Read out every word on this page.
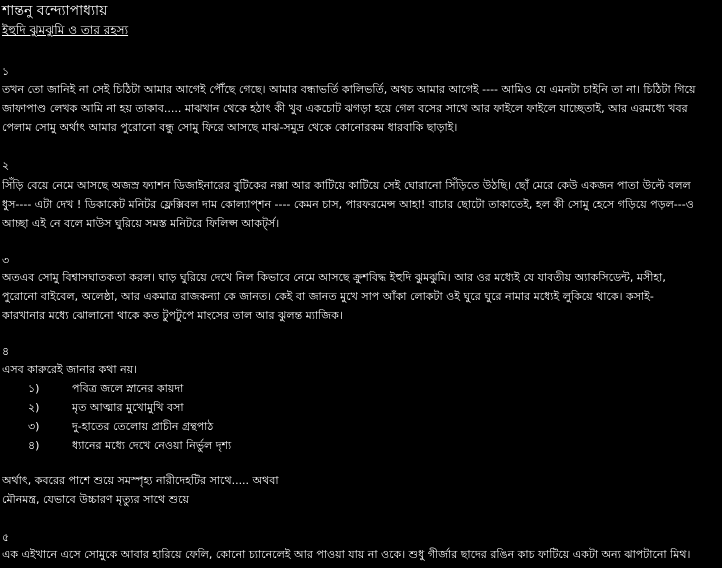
শান্তনু বন্দ্যোপাধ্যায়
ইহুদি ঝুমঝুমি ও তার রহস্য
১
তখন তো জানিই না সেই চিঠিটা আমার আগেই পৌঁছে গেছে। আমার বন্ধাভর্তি কালিভর্তি, অথচ আমার আগেই ---- আমিও যে এমনটা চাইনি তা না। চিঠিটা গিয়ে
জাফাপাণ্ড লেখক আমি না হয় তাকাব..... মাঝখান থেকে হঠাৎ কী খুব একচোট ঝগড়া হয়ে গেল বসের সাথে আর ফাইলে ফাইলে যাচ্ছেতাই, আর এরমধ্যে খবর
পেলাম সোমু অর্থাৎ আমার পুরোনো বন্ধু সোমু ফিরে আসছে মাঝ-সমুদ্র থেকে কোনোরকম ধারবাকি ছাড়াই।
২
সিঁড়ি বেয়ে নেমে আসছে অজস্র ফ্যাশন ডিজাইনারের বুটিকের নক্সা আর কাটিয়ে কাটিয়ে সেই ঘোরানো সিঁড়িতে উঠছি। ছোঁ মেরে কেউ একজন পাতা উল্টে বলল
ধুস---- এটা দেখ ! ডিকাকেট মনিটর ফ্লেক্সিবল দাম কোল্যাপ্শন ---- কেমন চাস, পারফরমেন্স আহা! বাচার ছোটো তাকাতেই, হল কী সোমু হেসে গড়িয়ে পড়ল---ও
আচ্ছা এই নে বলে মাউস ঘুরিয়ে সমস্ত মনিটরে ফিলিপ্স আকর্ট্স।
৩
অতএব সোমু বিশ্বাসঘাতকতা করল। ঘাড় ঘুরিয়ে দেখে নিল কিভাবে নেমে আসছে ক্রুশবিদ্ধ ইহুদি ঝুমঝুমি। আর ওর মধ্যেই যে যাবতীয় অ্যাকসিডেন্ট, মসীহা,
পুরোনো বাইবেল, অলেষ্ঠা, আর একমাত্র রাজকন্যা কে জানত। কেই বা জানত মুখে সাপ আঁকা লোকটা ওই ঘুরে ঘুরে নামার মধ্যেই লুকিয়ে থাকে। কসাই-
কারখানার মধ্যে ঝোলানো থাকে কত টুপটুপে মাংসের তাল আর ঝুলন্ত ম্যাজিক।
৪
এসব কারুরেই জানার কথা নয়।
১)	পবিত্র জলে স্নানের কায়দা
২)	মৃত আত্মার মুখোমুখি বসা
৩)	দু-হাতের তেলোয় প্রাচীন গ্রন্থপাঠ
৪)	ধ্যানের মধ্যে দেখে নেওয়া নির্ভুল দৃশ্য
অর্থাৎ, কবরের পাশে শুয়ে সমস্পৃহ্য নারীদেহটির সাথে..... অথবা
মৌনমন্ত্র, যেভাবে উচ্চারণ মৃত্যুর সাথে শুয়ে
৫
এক এইখানে এসে সোমুকে আবার হারিয়ে ফেলি, কোনো চ্যানেলেই আর পাওয়া যায় না ওকে। শুধু গীর্জার ছাদের রঙিন কাচ ফাটিয়ে একটা অন্য ঝাপটানো মিথ।
